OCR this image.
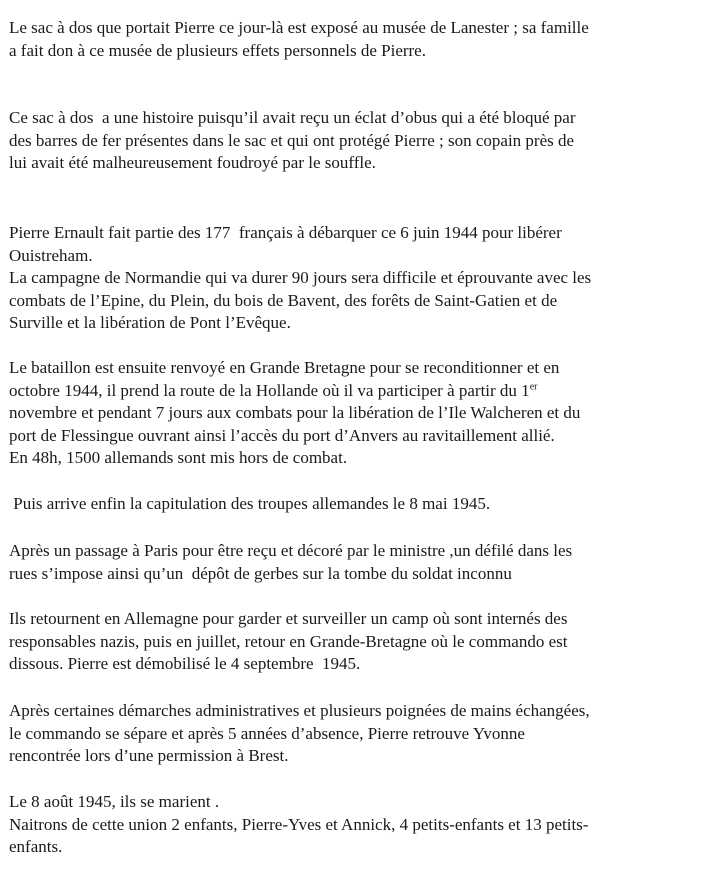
Le sac à dos que portait Pierre ce jour-là est exposé au musée de Lanester ; sa famille
a fait don à ce musée de plusieurs effets personnels de Pierre.
Ce sac à dos  a une histoire puisqu’il avait reçu un éclat d’obus qui a été bloqué par
des barres de fer présentes dans le sac et qui ont protégé Pierre ; son copain près de
lui avait été malheureusement foudroyé par le souffle.
Pierre Ernault fait partie des 177  français à débarquer ce 6 juin 1944 pour libérer
Ouistreham.
La campagne de Normandie qui va durer 90 jours sera difficile et éprouvante avec les
combats de l’Epine, du Plein, du bois de Bavent, des forêts de Saint-Gatien et de
Surville et la libération de Pont l’Evêque.
Le bataillon est ensuite renvoyé en Grande Bretagne pour se reconditionner et en
octobre 1944, il prend la route de la Hollande où il va participer à partir du 1er
novembre et pendant 7 jours aux combats pour la libération de l’Ile Walcheren et du
port de Flessingue ouvrant ainsi l’accès du port d’Anvers au ravitaillement allié.
En 48h, 1500 allemands sont mis hors de combat.
Puis arrive enfin la capitulation des troupes allemandes le 8 mai 1945.
Après un passage à Paris pour être reçu et décoré par le ministre ,un défilé dans les
rues s’impose ainsi qu’un  dépôt de gerbes sur la tombe du soldat inconnu
Ils retournent en Allemagne pour garder et surveiller un camp où sont internés des
responsables nazis, puis en juillet, retour en Grande-Bretagne où le commando est
dissous. Pierre est démobilisé le 4 septembre  1945.
Après certaines démarches administratives et plusieurs poignées de mains échangées,
le commando se sépare et après 5 années d’absence, Pierre retrouve Yvonne
rencontrée lors d’une permission à Brest.
Le 8 août 1945, ils se marient .
Naitrons de cette union 2 enfants, Pierre-Yves et Annick, 4 petits-enfants et 13 petits-
enfants.
